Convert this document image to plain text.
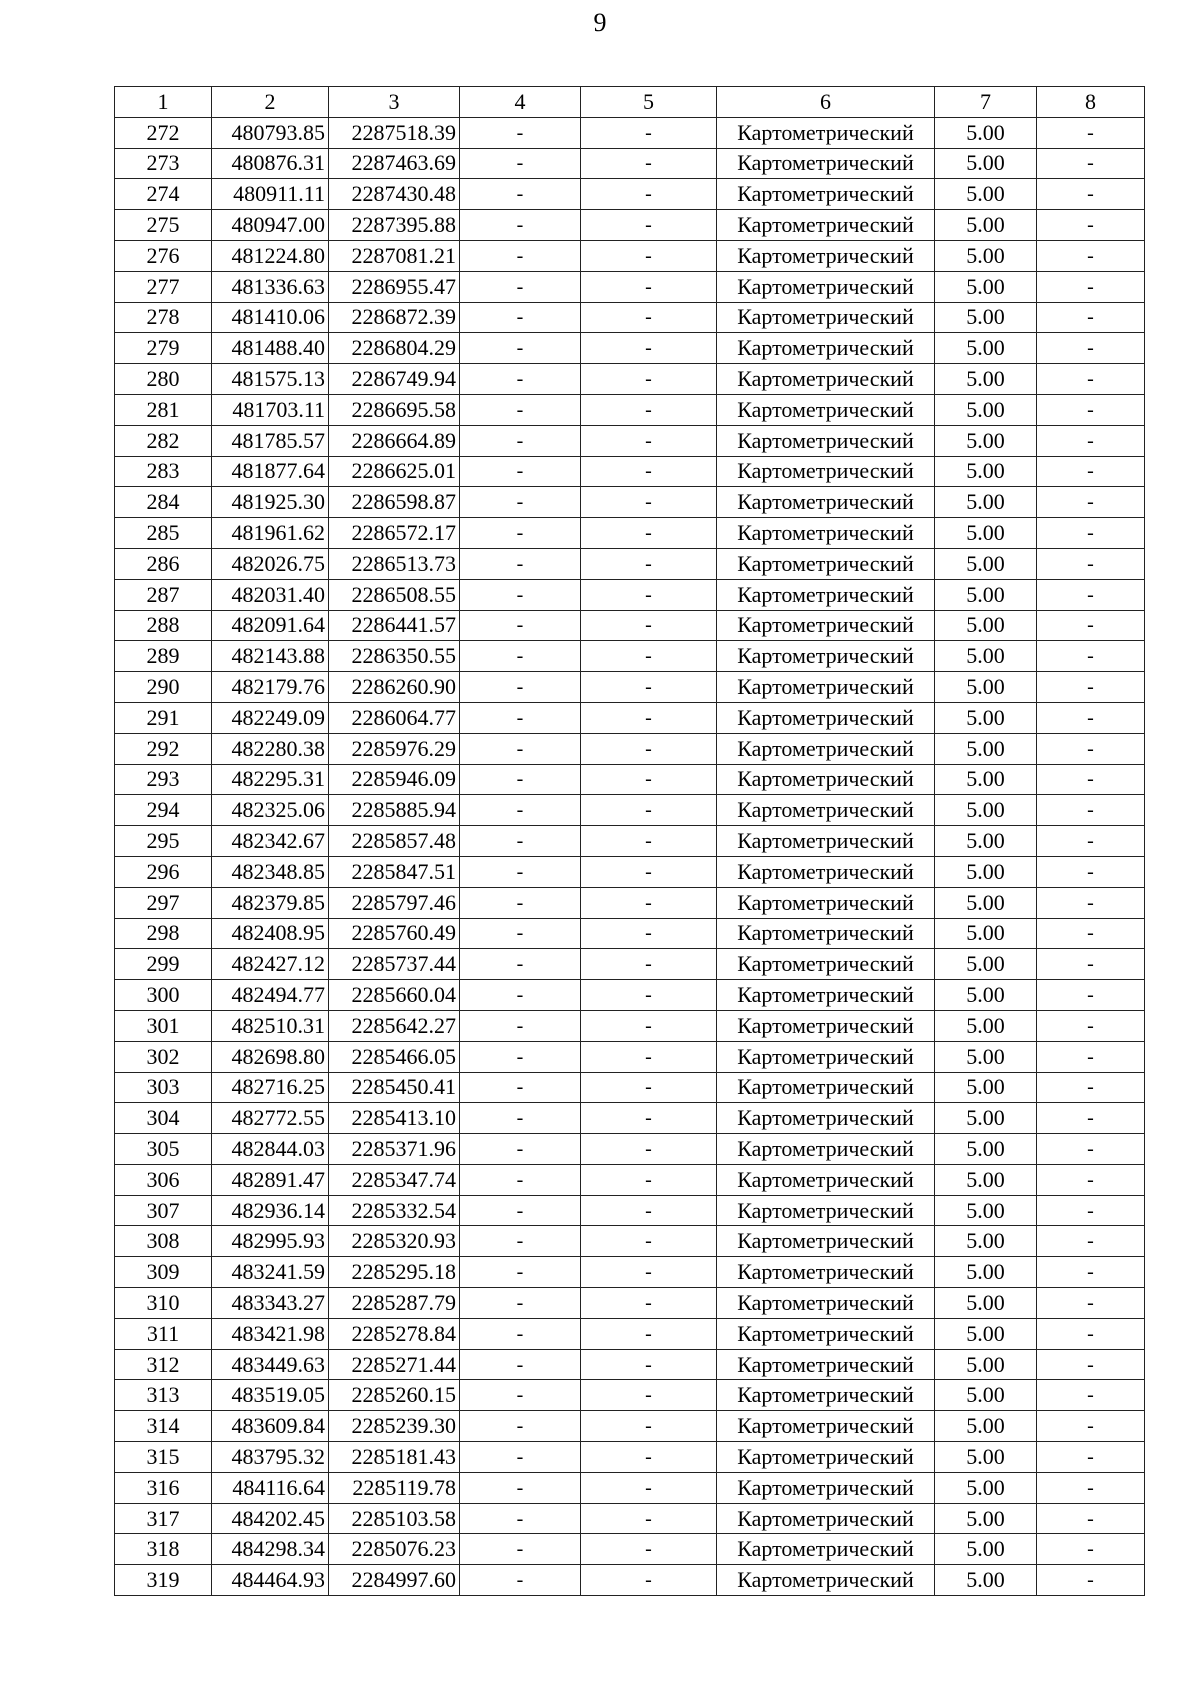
9
1	2	3	4	5	6	7	8
272	480793.85	2287518.39	-	-	Картометрический	5.00	-
273	480876.31	2287463.69	-	-	Картометрический	5.00	-
274	480911.11	2287430.48	-	-	Картометрический	5.00	-
275	480947.00	2287395.88	-	-	Картометрический	5.00	-
276	481224.80	2287081.21	-	-	Картометрический	5.00	-
277	481336.63	2286955.47	-	-	Картометрический	5.00	-
278	481410.06	2286872.39	-	-	Картометрический	5.00	-
279	481488.40	2286804.29	-	-	Картометрический	5.00	-
280	481575.13	2286749.94	-	-	Картометрический	5.00	-
281	481703.11	2286695.58	-	-	Картометрический	5.00	-
282	481785.57	2286664.89	-	-	Картометрический	5.00	-
283	481877.64	2286625.01	-	-	Картометрический	5.00	-
284	481925.30	2286598.87	-	-	Картометрический	5.00	-
285	481961.62	2286572.17	-	-	Картометрический	5.00	-
286	482026.75	2286513.73	-	-	Картометрический	5.00	-
287	482031.40	2286508.55	-	-	Картометрический	5.00	-
288	482091.64	2286441.57	-	-	Картометрический	5.00	-
289	482143.88	2286350.55	-	-	Картометрический	5.00	-
290	482179.76	2286260.90	-	-	Картометрический	5.00	-
291	482249.09	2286064.77	-	-	Картометрический	5.00	-
292	482280.38	2285976.29	-	-	Картометрический	5.00	-
293	482295.31	2285946.09	-	-	Картометрический	5.00	-
294	482325.06	2285885.94	-	-	Картометрический	5.00	-
295	482342.67	2285857.48	-	-	Картометрический	5.00	-
296	482348.85	2285847.51	-	-	Картометрический	5.00	-
297	482379.85	2285797.46	-	-	Картометрический	5.00	-
298	482408.95	2285760.49	-	-	Картометрический	5.00	-
299	482427.12	2285737.44	-	-	Картометрический	5.00	-
300	482494.77	2285660.04	-	-	Картометрический	5.00	-
301	482510.31	2285642.27	-	-	Картометрический	5.00	-
302	482698.80	2285466.05	-	-	Картометрический	5.00	-
303	482716.25	2285450.41	-	-	Картометрический	5.00	-
304	482772.55	2285413.10	-	-	Картометрический	5.00	-
305	482844.03	2285371.96	-	-	Картометрический	5.00	-
306	482891.47	2285347.74	-	-	Картометрический	5.00	-
307	482936.14	2285332.54	-	-	Картометрический	5.00	-
308	482995.93	2285320.93	-	-	Картометрический	5.00	-
309	483241.59	2285295.18	-	-	Картометрический	5.00	-
310	483343.27	2285287.79	-	-	Картометрический	5.00	-
311	483421.98	2285278.84	-	-	Картометрический	5.00	-
312	483449.63	2285271.44	-	-	Картометрический	5.00	-
313	483519.05	2285260.15	-	-	Картометрический	5.00	-
314	483609.84	2285239.30	-	-	Картометрический	5.00	-
315	483795.32	2285181.43	-	-	Картометрический	5.00	-
316	484116.64	2285119.78	-	-	Картометрический	5.00	-
317	484202.45	2285103.58	-	-	Картометрический	5.00	-
318	484298.34	2285076.23	-	-	Картометрический	5.00	-
319	484464.93	2284997.60	-	-	Картометрический	5.00	-
